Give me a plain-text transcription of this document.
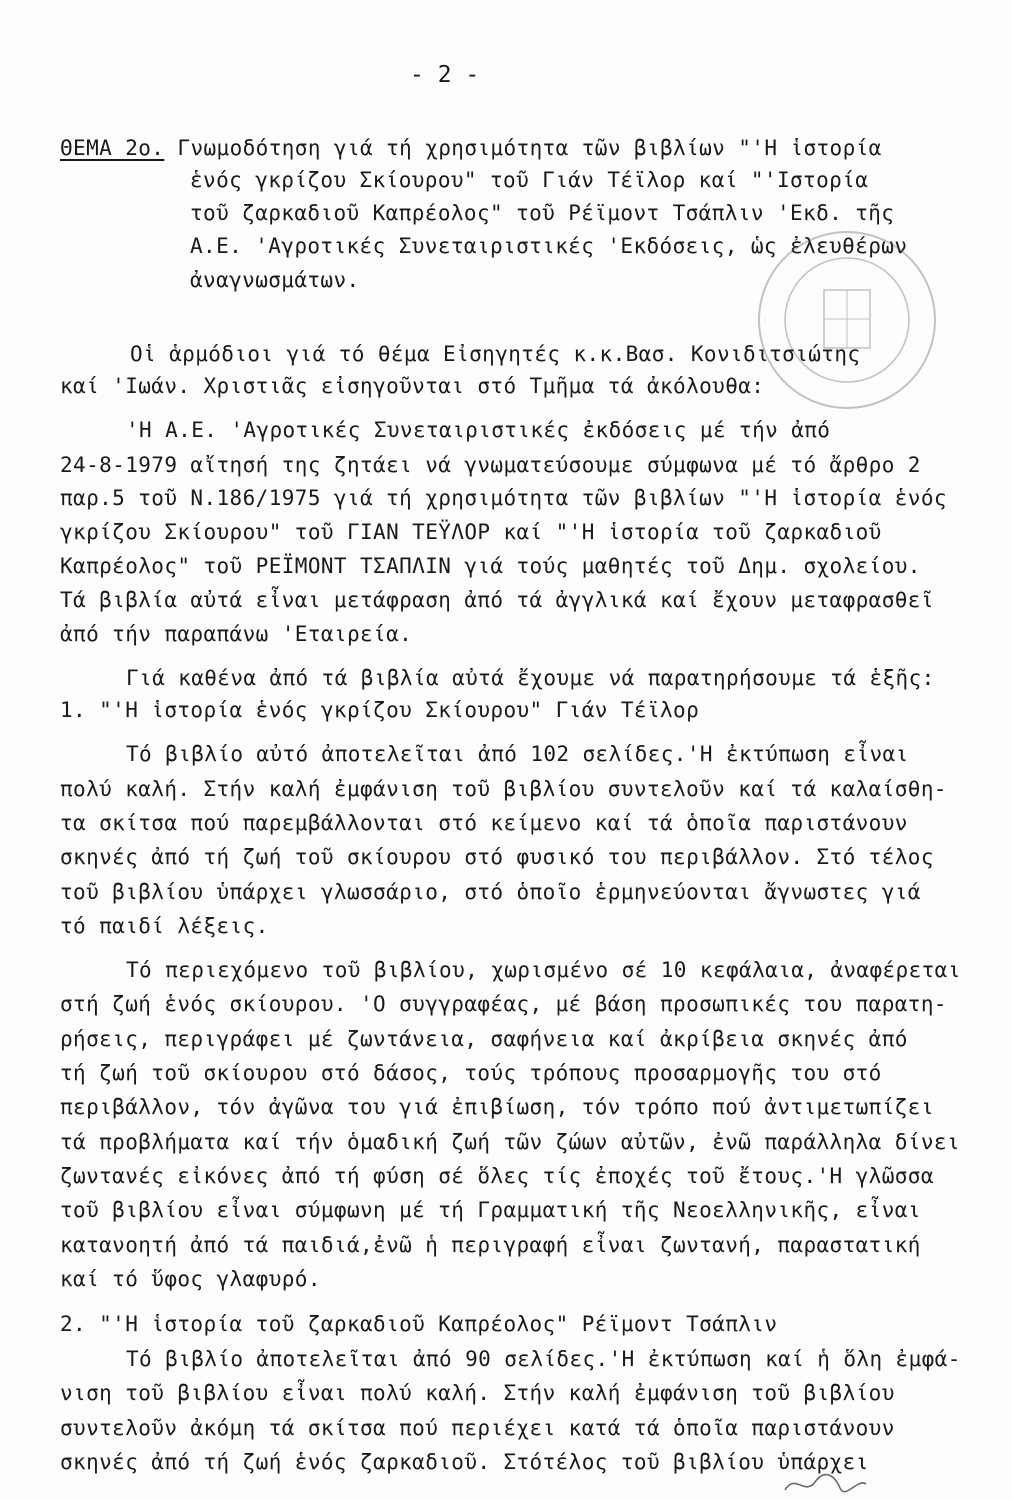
- 2 -
ΘΕΜΑ 2ο. Γνωμοδότηση γιά τή χρησιμότητα τῶν βιβλίων "'Η ἱστορία
ἑνός γκρίζου Σκίουρου" τοῦ Γιάν Τέϊλορ καί "'Ιστορία
τοῦ ζαρκαδιοῦ Καπρέολος" τοῦ Ρέϊμοντ Τσάπλιν 'Εκδ. τῆς
Α.Ε. 'Αγροτικές Συνεταιριστικές 'Εκδόσεις, ὡς ἐλευθέρων
ἀναγνωσμάτων.
Οἱ ἁρμόδιοι γιά τό θέμα Εἰσηγητές κ.κ.Βασ. Κονιδιτσιώτης
καί 'Ιωάν. Χριστιᾶς εἰσηγοῦνται στό Τμῆμα τά ἀκόλουθα:
'Η Α.Ε. 'Αγροτικές Συνεταιριστικές ἐκδόσεις μέ τήν ἀπό
24-8-1979 αἴτησή της ζητάει νά γνωματεύσουμε σύμφωνα μέ τό ἄρθρο 2
παρ.5 τοῦ Ν.186/1975 γιά τή χρησιμότητα τῶν βιβλίων "'Η ἱστορία ἑνός
γκρίζου Σκίουρου" τοῦ ΓΙΑΝ ΤΕΫΛΟΡ καί "'Η ἱστορία τοῦ ζαρκαδιοῦ
Καπρέολος" τοῦ ΡΕΪΜΟΝΤ ΤΣΑΠΛΙΝ γιά τούς μαθητές τοῦ Δημ. σχολείου.
Τά βιβλία αὐτά εἶναι μετάφραση ἀπό τά ἀγγλικά καί ἔχουν μεταφρασθεῖ
ἀπό τήν παραπάνω 'Εταιρεία.
Γιά καθένα ἀπό τά βιβλία αὐτά ἔχουμε νά παρατηρήσουμε τά ἑξῆς:
1. "'Η ἱστορία ἑνός γκρίζου Σκίουρου" Γιάν Τέϊλορ
Τό βιβλίο αὐτό ἀποτελεῖται ἀπό 102 σελίδες.'Η ἐκτύπωση εἶναι
πολύ καλή. Στήν καλή ἐμφάνιση τοῦ βιβλίου συντελοῦν καί τά καλαίσθη-
τα σκίτσα πού παρεμβάλλονται στό κείμενο καί τά ὁποῖα παριστάνουν
σκηνές ἀπό τή ζωή τοῦ σκίουρου στό φυσικό του περιβάλλον. Στό τέλος
τοῦ βιβλίου ὑπάρχει γλωσσάριο, στό ὁποῖο ἑρμηνεύονται ἄγνωστες γιά
τό παιδί λέξεις.
Τό περιεχόμενο τοῦ βιβλίου, χωρισμένο σέ 10 κεφάλαια, ἀναφέρεται
στή ζωή ἑνός σκίουρου. 'Ο συγγραφέας, μέ βάση προσωπικές του παρατη-
ρήσεις, περιγράφει μέ ζωντάνεια, σαφήνεια καί ἀκρίβεια σκηνές ἀπό
τή ζωή τοῦ σκίουρου στό δάσος, τούς τρόπους προσαρμογῆς του στό
περιβάλλον, τόν ἀγῶνα του γιά ἐπιβίωση, τόν τρόπο πού ἀντιμετωπίζει
τά προβλήματα καί τήν ὁμαδική ζωή τῶν ζώων αὐτῶν, ἐνῶ παράλληλα δίνει
ζωντανές εἰκόνες ἀπό τή φύση σέ ὅλες τίς ἐποχές τοῦ ἔτους.'Η γλῶσσα
τοῦ βιβλίου εἶναι σύμφωνη μέ τή Γραμματική τῆς Νεοελληνικῆς, εἶναι
κατανοητή ἀπό τά παιδιά,ἐνῶ ἡ περιγραφή εἶναι ζωντανή, παραστατική
καί τό ὕφος γλαφυρό.
2. "'Η ἱστορία τοῦ ζαρκαδιοῦ Καπρέολος" Ρέϊμοντ Τσάπλιν
Τό βιβλίο ἀποτελεῖται ἀπό 90 σελίδες.'Η ἐκτύπωση καί ἡ ὅλη ἐμφά-
νιση τοῦ βιβλίου εἶναι πολύ καλή. Στήν καλή ἐμφάνιση τοῦ βιβλίου
συντελοῦν ἀκόμη τά σκίτσα πού περιέχει κατά τά ὁποῖα παριστάνουν
σκηνές ἀπό τή ζωή ἑνός ζαρκαδιοῦ. Στότέλος τοῦ βιβλίου ὑπάρχει
